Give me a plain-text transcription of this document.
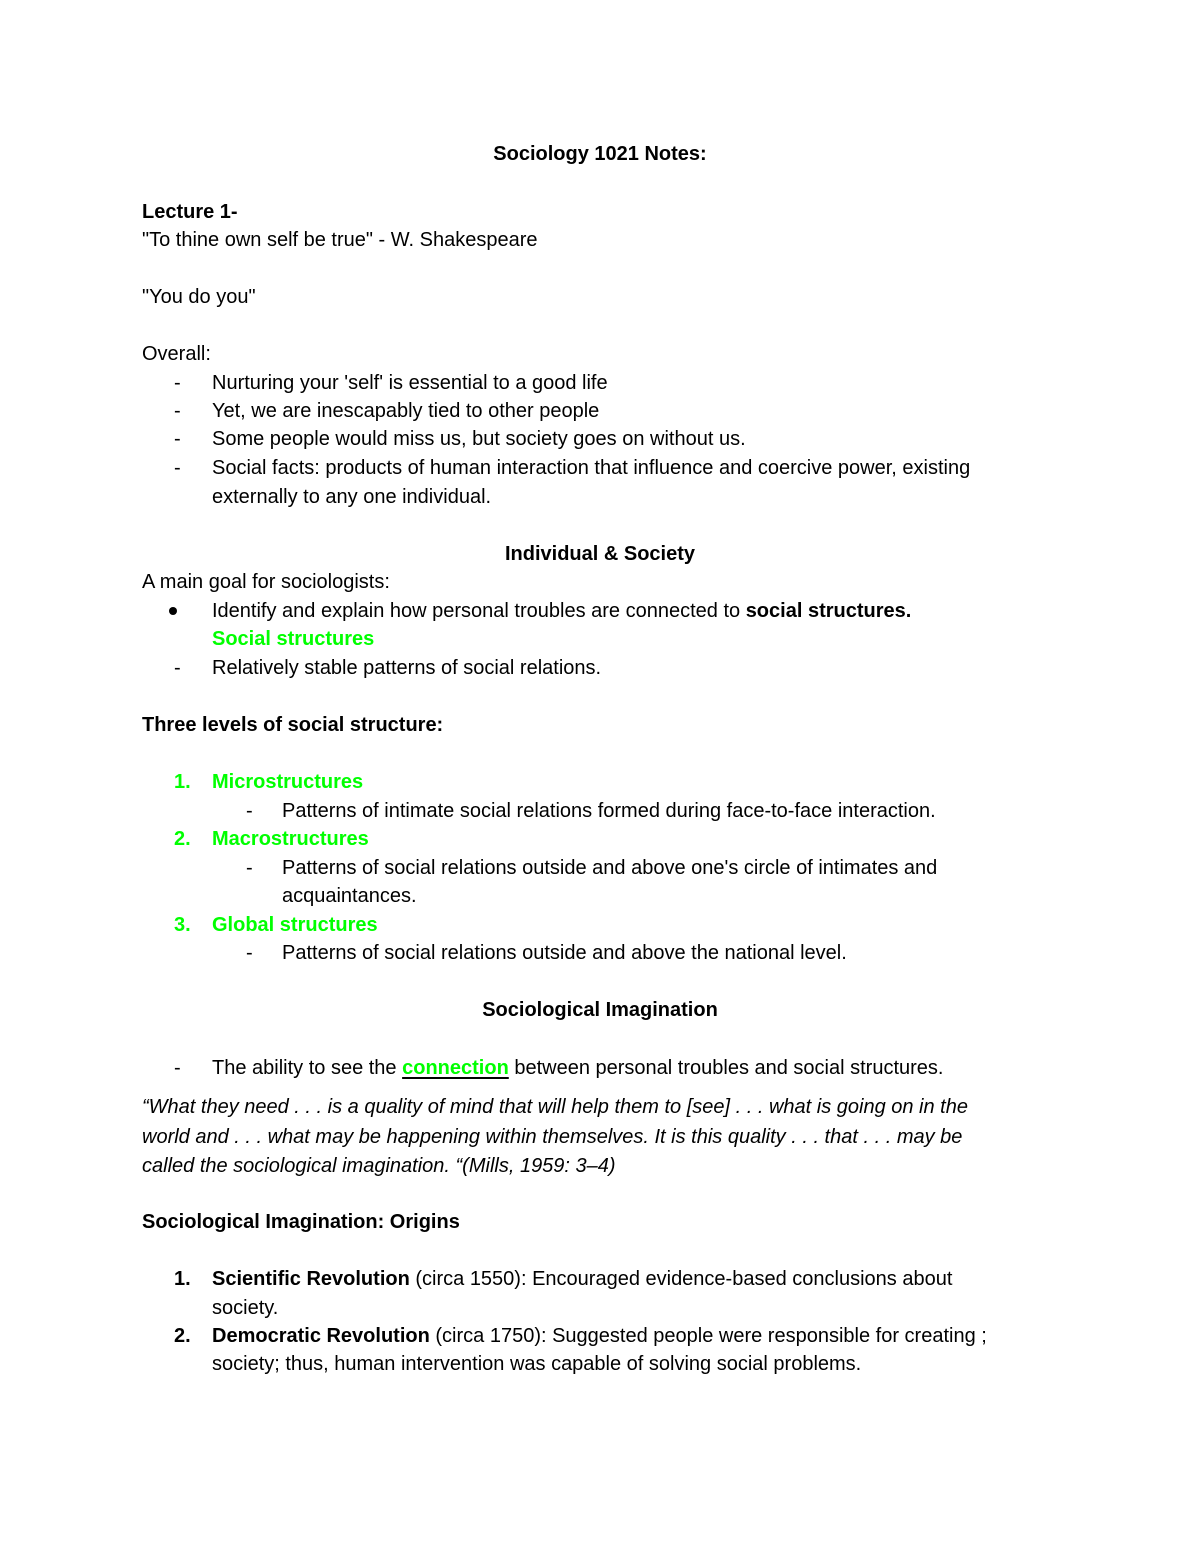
Sociology 1021 Notes:
Lecture 1-
"To thine own self be true" - W. Shakespeare
"You do you"
Overall:
- Nurturing your 'self' is essential to a good life
- Yet, we are inescapably tied to other people
- Some people would miss us, but society goes on without us.
- Social facts: products of human interaction that influence and coercive power, existing
externally to any one individual.
Individual & Society
A main goal for sociologists:
Identify and explain how personal troubles are connected to social structures.
Social structures
- Relatively stable patterns of social relations.
Three levels of social structure:
1. Microstructures
- Patterns of intimate social relations formed during face-to-face interaction.
2. Macrostructures
- Patterns of social relations outside and above one's circle of intimates and
acquaintances.
3. Global structures
- Patterns of social relations outside and above the national level.
Sociological Imagination
- The ability to see the connection between personal troubles and social structures.
“What they need . . . is a quality of mind that will help them to [see] . . . what is going on in the
world and . . . what may be happening within themselves. It is this quality . . . that . . . may be
called the sociological imagination. “(Mills, 1959: 3–4)
Sociological Imagination: Origins
1. Scientific Revolution (circa 1550): Encouraged evidence-based conclusions about
society.
2. Democratic Revolution (circa 1750): Suggested people were responsible for creating ;
society; thus, human intervention was capable of solving social problems.
